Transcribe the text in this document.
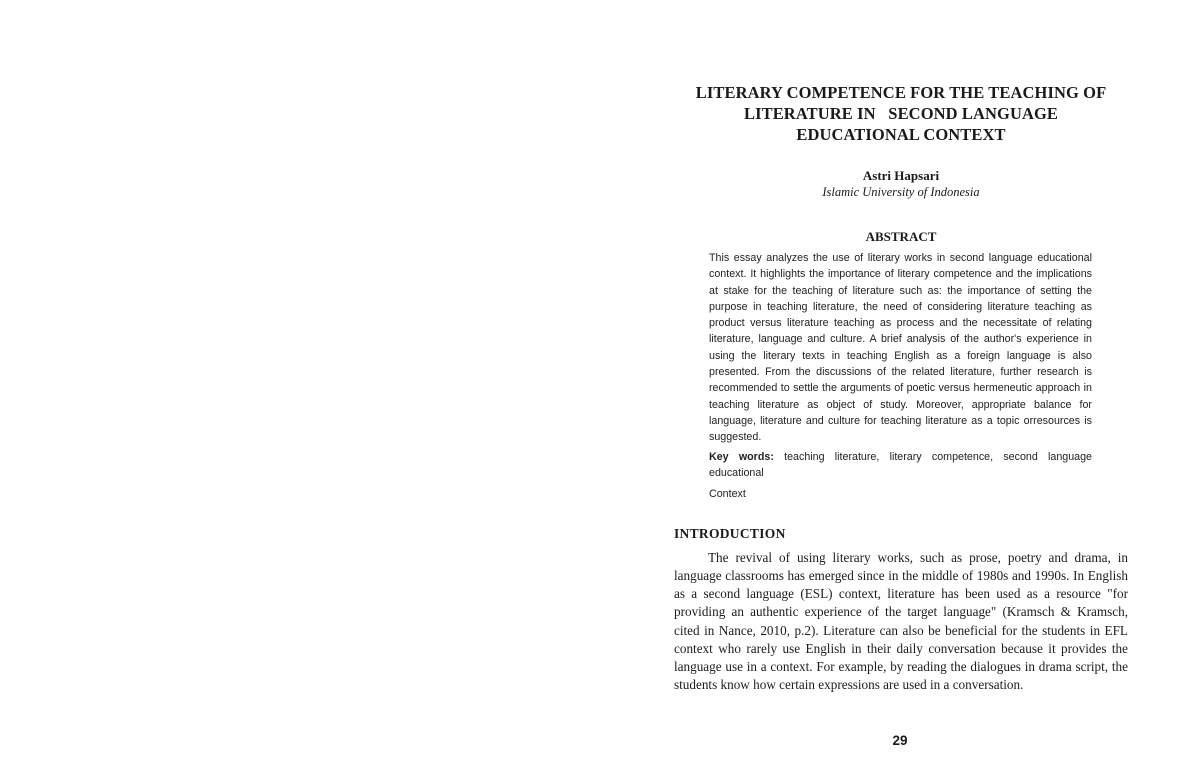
LITERARY COMPETENCE FOR THE TEACHING OF
LITERATURE IN   SECOND LANGUAGE
EDUCATIONAL CONTEXT
Astri Hapsari
Islamic University of Indonesia
ABSTRACT

This essay analyzes the use of literary works in second language educational context. It highlights the importance of literary competence and the implications at stake for the teaching of literature such as: the importance of setting the purpose in teaching literature, the need of considering literature teaching as product versus literature teaching as process and the necessitate of relating literature, language and culture. A brief analysis of the author's experience in using the literary texts in teaching English as a foreign language is also presented. From the discussions of the related literature, further research is recommended to settle the arguments of poetic versus hermeneutic approach in teaching literature as object of study. Moreover, appropriate balance for language, literature and culture for teaching literature as a topic orresources is suggested.

Key words: teaching literature, literary competence, second language educational

Context
INTRODUCTION

The revival of using literary works, such as prose, poetry and drama, in language classrooms has emerged since in the middle of 1980s and 1990s. In English as a second language (ESL) context, literature has been used as a resource "for providing an authentic experience of the target language" (Kramsch & Kramsch, cited in Nance, 2010, p.2). Literature can also be beneficial for the students in EFL context who rarely use English in their daily conversation because it provides the language use in a context. For example, by reading the dialogues in drama script, the students know how certain expressions are used in a conversation.

29
